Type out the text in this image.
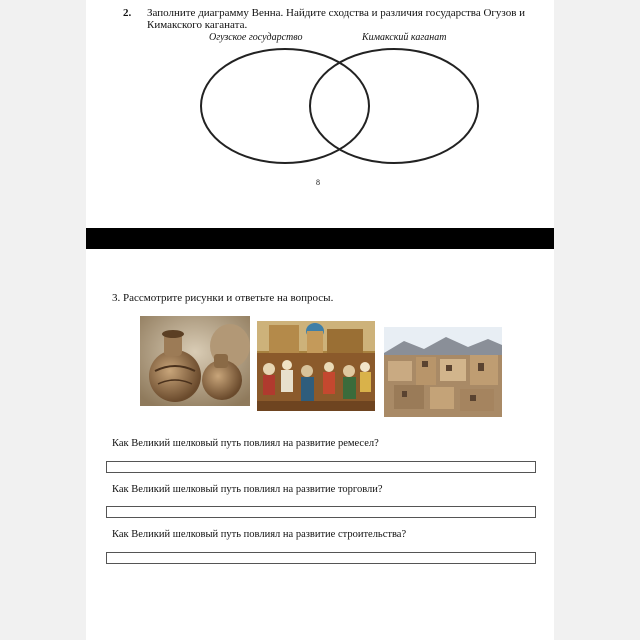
2. Заполните диаграмму Венна. Найдите сходства и различия государства Огузов и Кимакского каганата.
Огузское государство	Кимакский каганат
8
3. Рассмотрите рисунки и ответьте на вопросы.
Как Великий шелковый путь повлиял на развитие ремесел?
Как Великий шелковый путь повлиял на развитие торговли?
Как Великий шелковый путь повлиял на развитие строительства?
